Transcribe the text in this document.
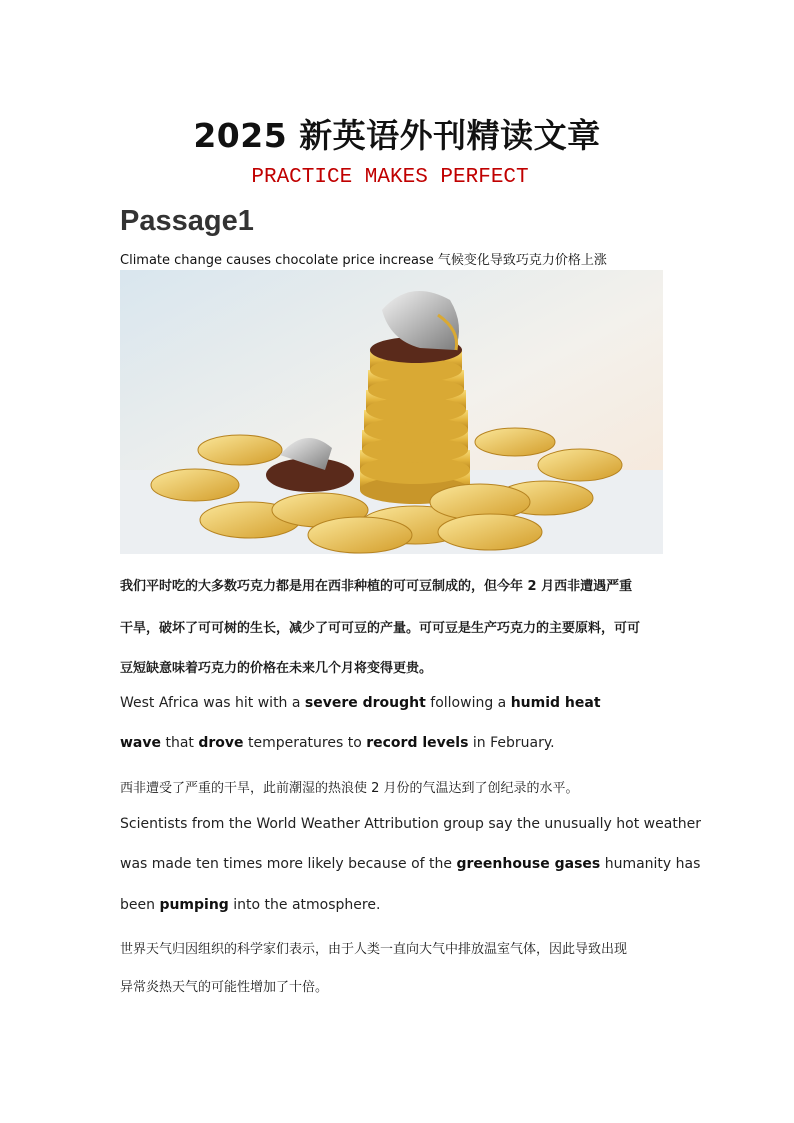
2025 新英语外刊精读文章
PRACTICE MAKES PERFECT
Passage1
Climate change causes chocolate price increase 气候变化导致巧克力价格上涨
我们平时吃的大多数巧克力都是用在西非种植的可可豆制成的，但今年 2 月西非遭遇严重
干旱，破坏了可可树的生长，减少了可可豆的产量。可可豆是生产巧克力的主要原料，可可
豆短缺意味着巧克力的价格在未来几个月将变得更贵。
West Africa was hit with a severe drought following a humid heat
wave that drove temperatures to record levels in February.
西非遭受了严重的干旱，此前潮湿的热浪使 2 月份的气温达到了创纪录的水平。
Scientists from the World Weather Attribution group say the unusually hot weather
was made ten times more likely because of the greenhouse gases humanity has
been pumping into the atmosphere.
世界天气归因组织的科学家们表示，由于人类一直向大气中排放温室气体，因此导致出现
异常炎热天气的可能性增加了十倍。
